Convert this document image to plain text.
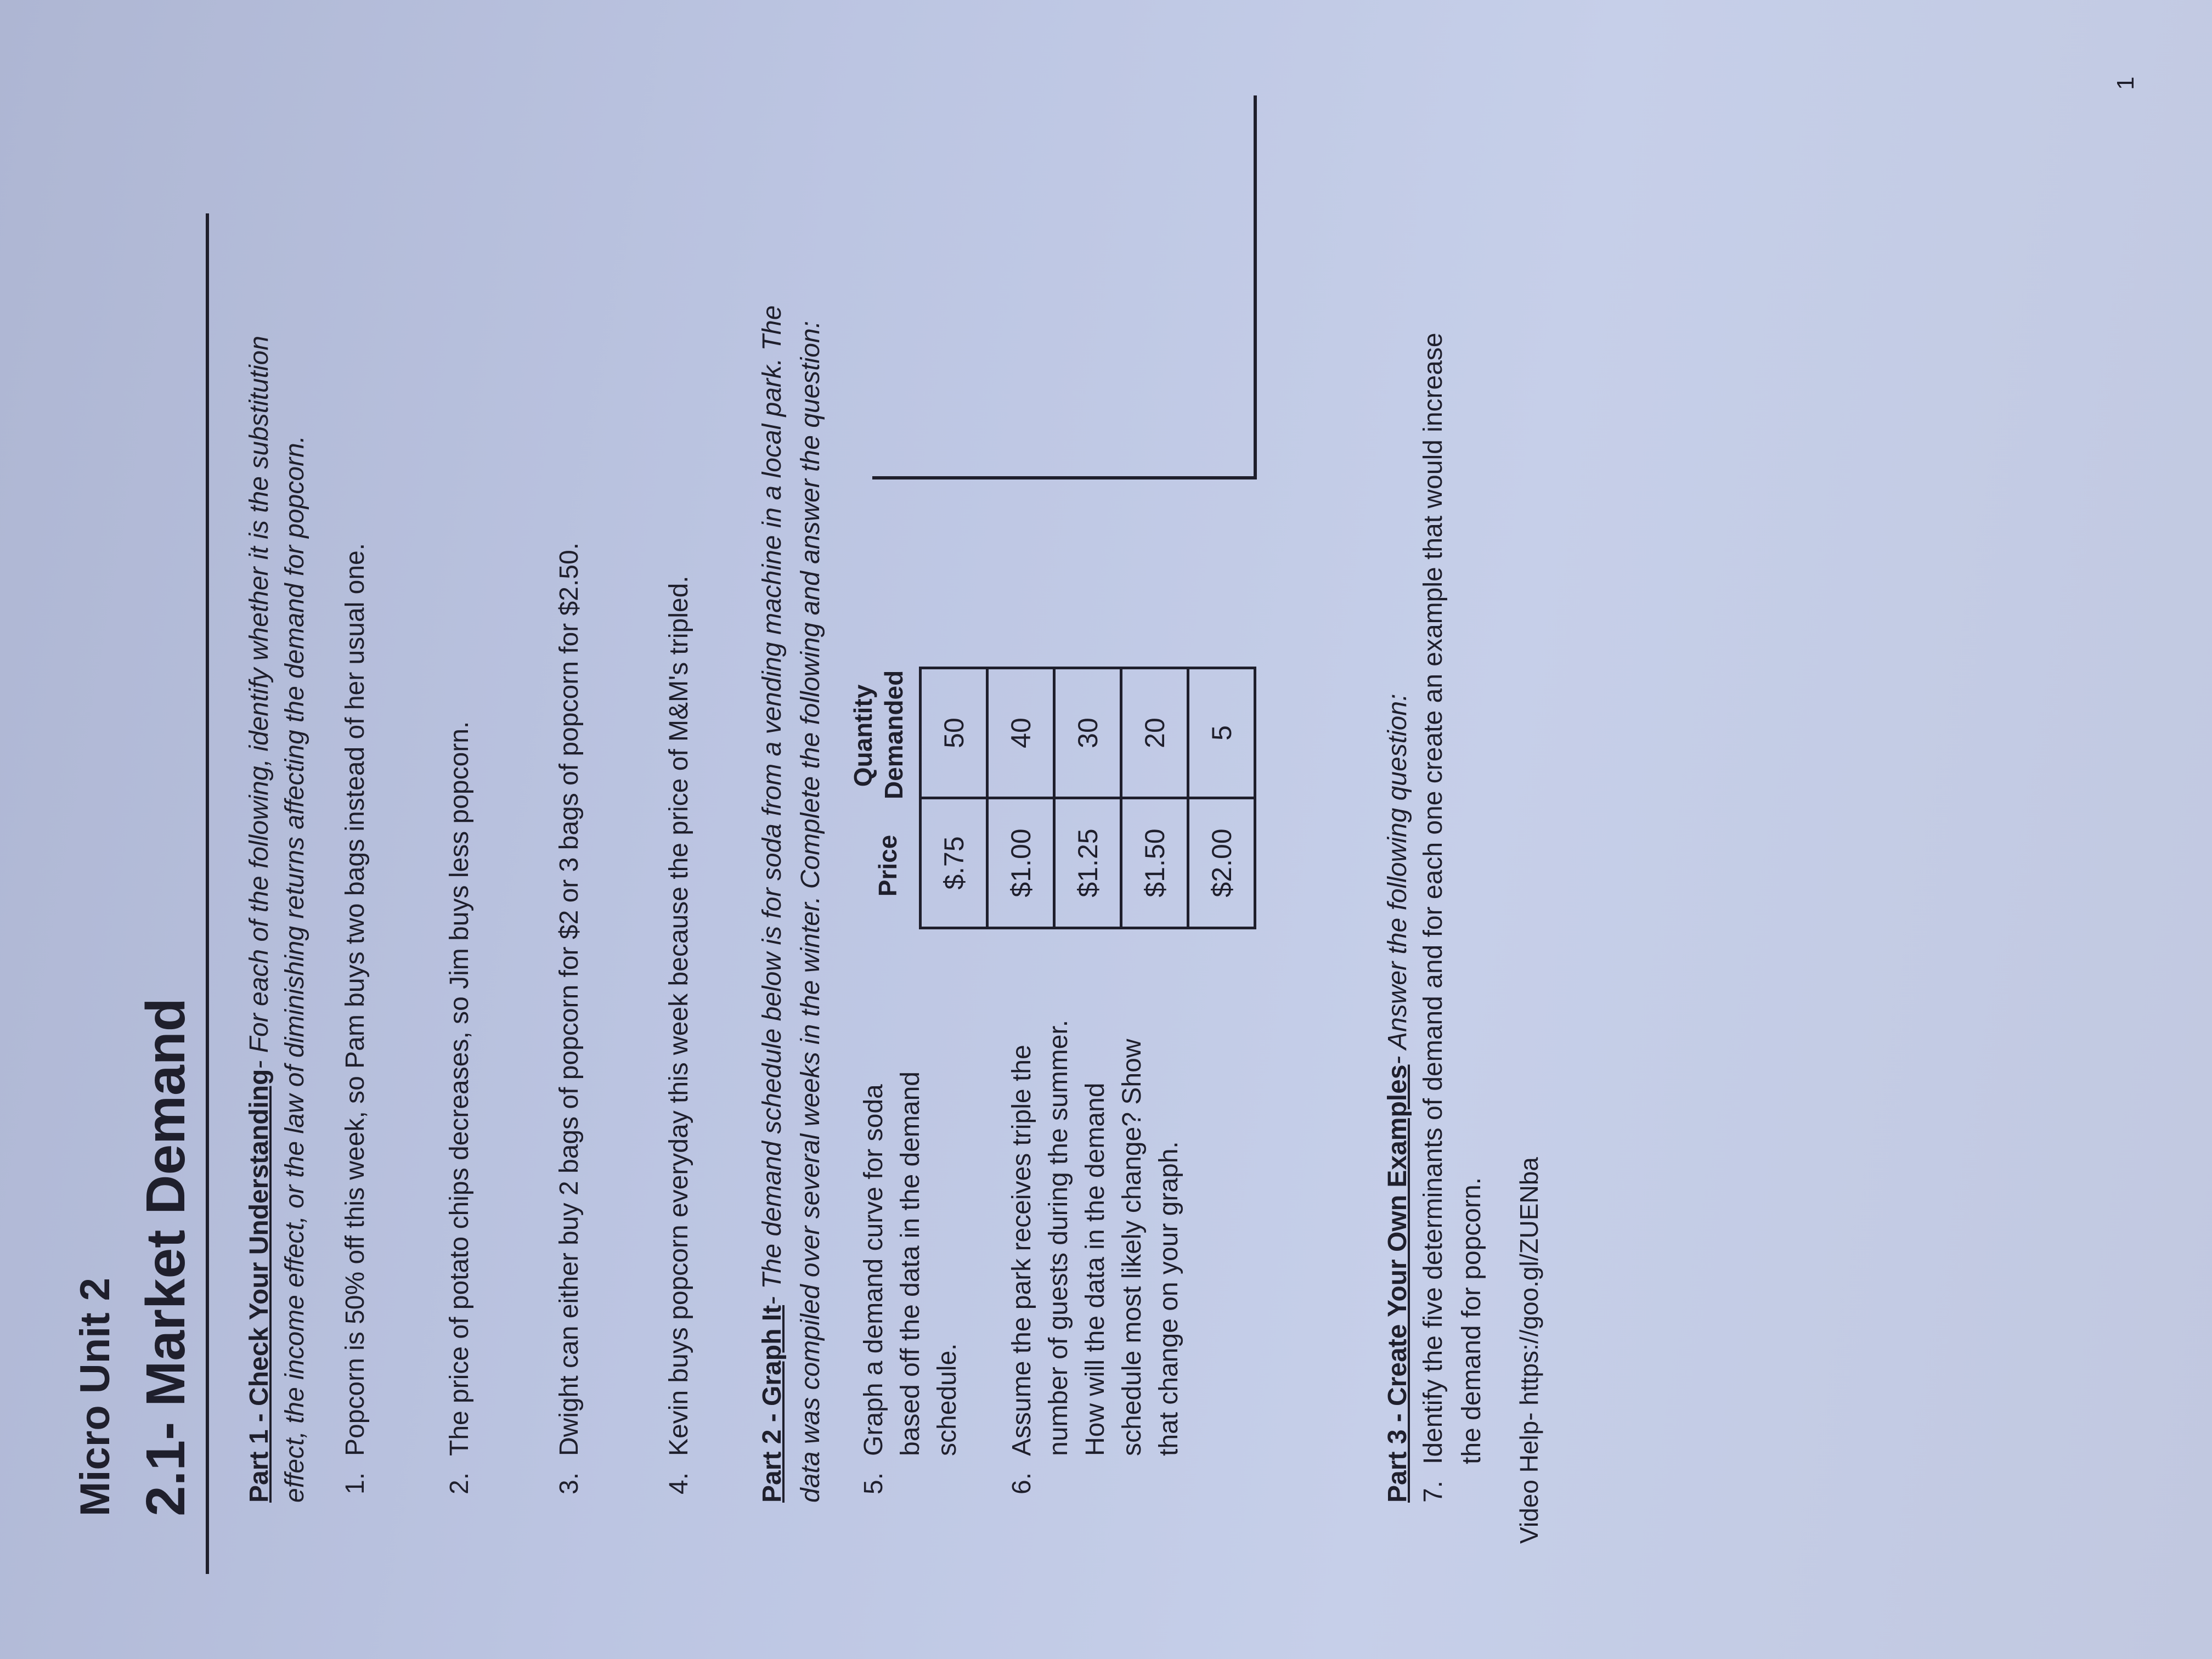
Micro Unit 2 2.1- Market Demand Part 1 - Check Your Understanding- For each of the following, identify whether it is the substitution effect, the income effect, or the law of diminishing returns affecting the demand for popcorn. 1.
Popcorn is 50% off this week, so Pam buys two bags instead of her usual one.
2.
The price of potato chips decreases, so Jim buys less popcorn.
3.
Dwight can either buy 2 bags of popcorn for $2 or 3 bags of popcorn for $2.50.
4.
Kevin buys popcorn everyday this week because the price of M&M's tripled. Part 2 - Graph It- The demand schedule below is for soda from a vending machine in a local park. The data was compiled over several weeks in the winter. Complete the following and answer the question: 5.
Graph a demand curve for soda based off the data in the demand schedule.
6.
Assume the park receives triple the number of guests during the summer. How will the data in the demand schedule most likely change? Show that change on your graph.
Price
Quantity Demanded
$.75	50
$1.00	40
$1.25	30
$1.50	20
$2.00	5
Part 3 - Create Your Own Examples- Answer the following question:
7.
Identify the five determinants of demand and for each one create an example that would increase the demand for popcorn. Video Help- https://goo.gl/ZUENba
1
